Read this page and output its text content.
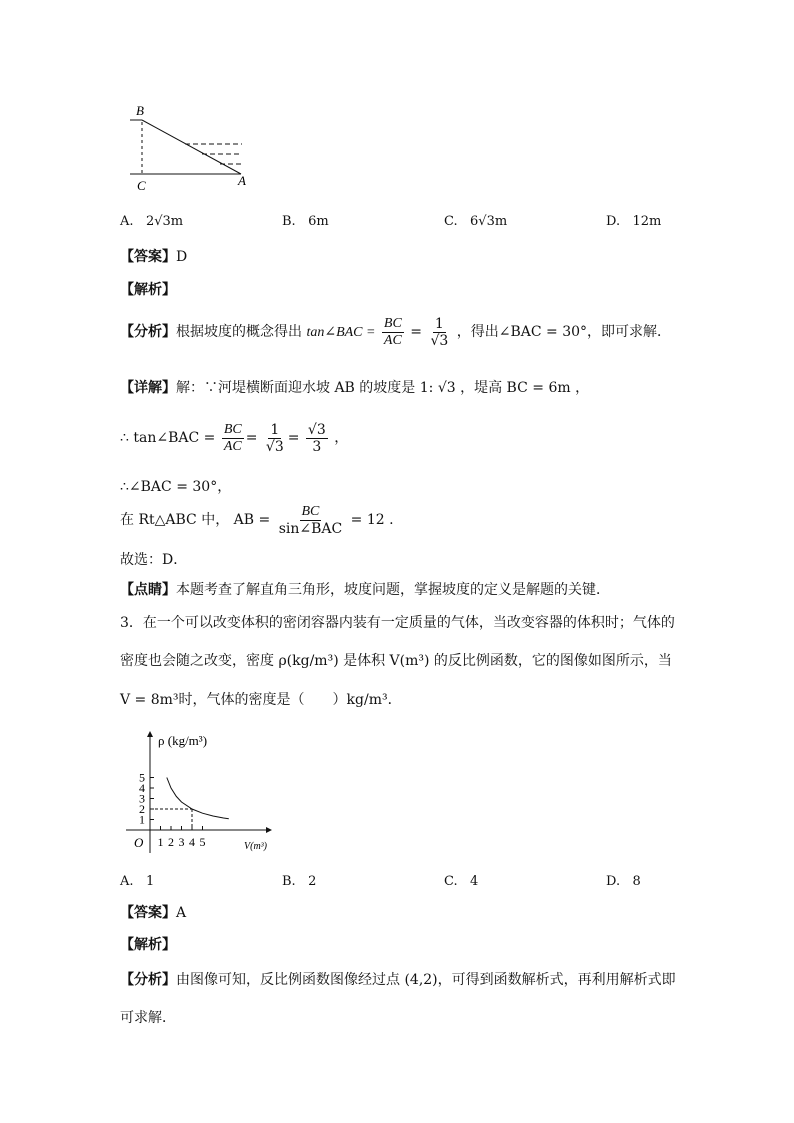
B
C	A
A. 2√3m	B. 6m	C. 6√3m	D. 12m
【答案】D
【解析】
【分析】根据坡度的概念得出 tan∠BAC = $\frac{BC}{AC} = \frac{1}{√3}$ ，得出∠BAC = 30°，即可求解．
【详解】解：∵河堤横断面迎水坡 AB 的坡度是 1: √3 ，堤高 BC = 6m ，
∴ tan∠BAC = $\frac{BC}{AC} = \frac{1}{√3} = \frac{√3}{3}$ ，
∴∠BAC = 30°，
在 Rt△ABC 中， AB = $\frac{BC}{\text{sin∠BAC}} = 12$ .
故选：D．
【点睛】本题考查了解直角三角形，坡度问题，掌握坡度的定义是解题的关键．
3．在一个可以改变体积的密闭容器内装有一定质量的气体，当改变容器的体积时；气体的
密度也会随之改变，密度 ρ(kg/m³) 是体积 V(m³) 的反比例函数，它的图像如图所示，当
V = 8m³时，气体的密度是（　　）kg/m³．
ρ (kg/m³)
V(m³)
O
1
2
3
4
5
1 2 3 4 5
A. 1	B. 2	C. 4	D. 8
【答案】A
【解析】
【分析】由图像可知，反比例函数图像经过点 (4,2)，可得到函数解析式，再利用解析式即
可求解．
